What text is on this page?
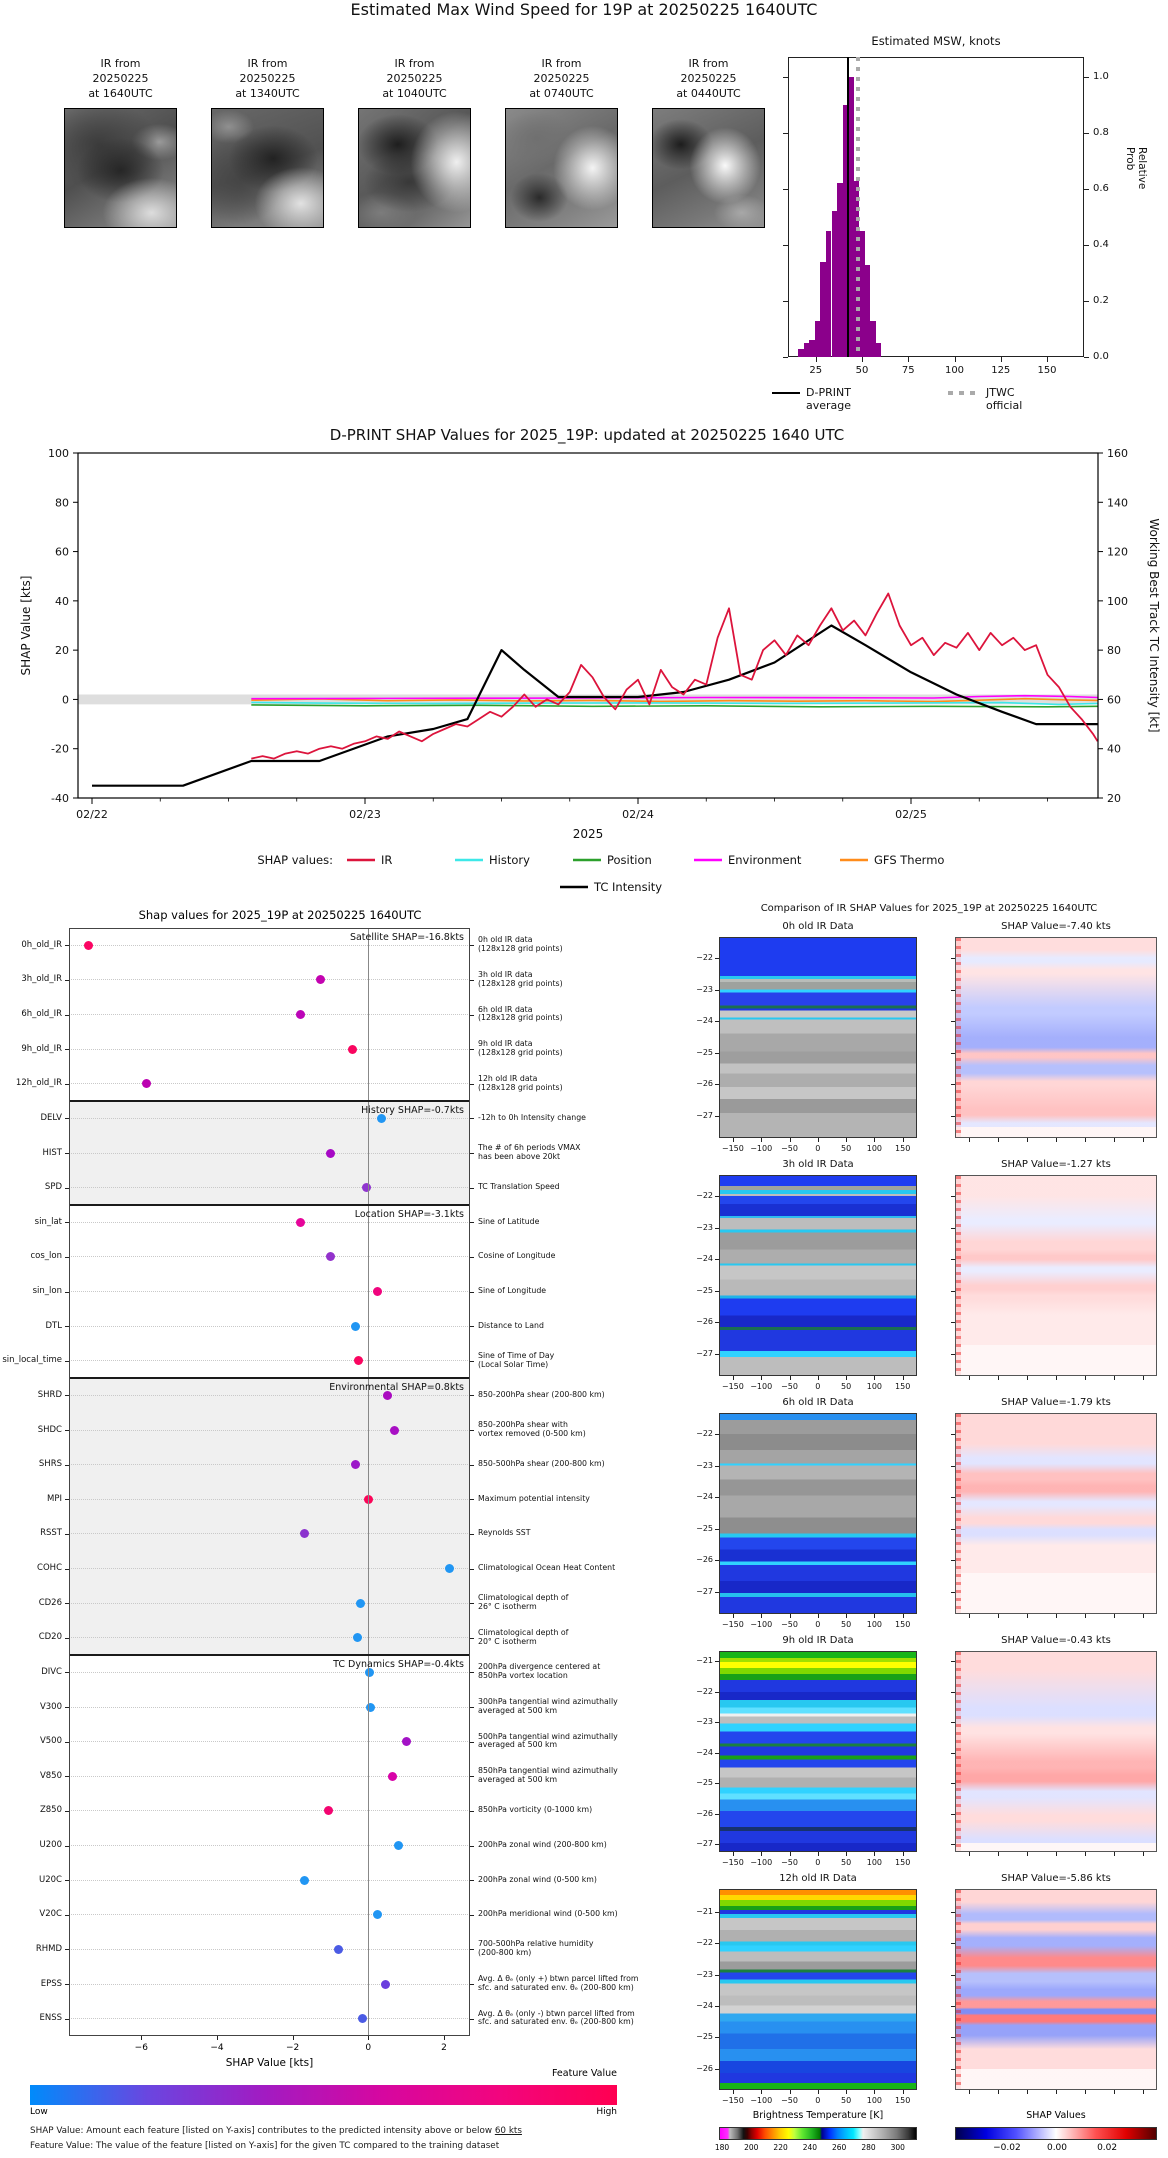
Estimated Max Wind Speed for 19P at 20250225 1640UTC
IR from
20250225
at 1640UTC
IR from
20250225
at 1340UTC
IR from
20250225
at 1040UTC
IR from
20250225
at 0740UTC
IR from
20250225
at 0440UTC
Estimated MSW, knots
0.0
0.2
0.4
0.6
0.8
1.0
25	50	75	100	125	150
Relative Prob
D-PRINT average
JTWC official
D-PRINT SHAP Values for 2025_19P: updated at 20250225 1640 UTC
-40
-20
0
20
40
60
80
100
20
40
60
80
100
120
140
160
02/22	02/23	02/24	02/25
2025
SHAP Value [kts]	Working Best Track TC Intensity [kt]
SHAP values:	IR	History	Position	Environment	GFS Thermo
TC Intensity
Shap values for 2025_19P at 20250225 1640UTC
0h_old_IR	0h old IR data
(128x128 grid points)
3h_old_IR	3h old IR data
(128x128 grid points)
6h_old_IR	6h old IR data
(128x128 grid points)
9h_old_IR	9h old IR data
(128x128 grid points)
12h_old_IR	12h old IR data
(128x128 grid points)
DELV	-12h to 0h Intensity change
HIST	The # of 6h periods VMAX
has been above 20kt
SPD	TC Translation Speed
sin_lat	Sine of Latitude
cos_lon	Cosine of Longitude
sin_lon	Sine of Longitude
DTL	Distance to Land
sin_local_time	Sine of Time of Day
(Local Solar Time)
SHRD	850-200hPa shear (200-800 km)
SHDC	850-200hPa shear with
vortex removed (0-500 km)
SHRS	850-500hPa shear (200-800 km)
MPI	Maximum potential intensity
RSST	Reynolds SST
COHC	Climatological Ocean Heat Content
CD26	Climatological depth of
26° C isotherm
CD20	Climatological depth of
20° C isotherm
DIVC	200hPa divergence centered at
850hPa vortex location
V300	300hPa tangential wind azimuthally
averaged at 500 km
V500	500hPa tangential wind azimuthally
averaged at 500 km
V850	850hPa tangential wind azimuthally
averaged at 500 km
Z850	850hPa vorticity (0-1000 km)
U200	200hPa zonal wind (200-800 km)
U20C	200hPa zonal wind (0-500 km)
V20C	200hPa meridional wind (0-500 km)
RHMD	700-500hPa relative humidity
(200-800 km)
EPSS	Avg. Δ θₑ (only +) btwn parcel lifted from
sfc. and saturated env. θₑ (200-800 km)
ENSS	Avg. Δ θₑ (only -) btwn parcel lifted from
sfc. and saturated env. θₑ (200-800 km)
Satellite SHAP=-16.8kts
History SHAP=-0.7kts
Location SHAP=-3.1kts
Environmental SHAP=0.8kts
TC Dynamics SHAP=-0.4kts
−6	−4	−2	0	2
SHAP Value [kts]
Feature Value
Low	High
Comparison of IR SHAP Values for 2025_19P at 20250225 1640UTC
0h old IR Data	SHAP Value=-7.40 kts
−22
−23
−24
−25
−26
−27
−150 −100	−50	0	50	100	150
3h old IR Data	SHAP Value=-1.27 kts
−22
−23
−24
−25
−26
−27
−150 −100	−50	0	50	100	150
6h old IR Data	SHAP Value=-1.79 kts
−22
−23
−24
−25
−26
−27
−150 −100	−50	0	50	100	150
9h old IR Data	SHAP Value=-0.43 kts
−21
−22
−23
−24
−25
−26
−27
−150 −100	−50	0	50	100	150
12h old IR Data	SHAP Value=-5.86 kts
−21
−22
−23
−24
−25
−26
−150 −100	−50	0	50	100	150
Brightness Temperature [K]
180	200	220	240	260	280	300
SHAP Values
−0.02	0.00	0.02
SHAP Value: Amount each feature [listed on Y-axis] contributes to the predicted intensity above or below 60 kts
Feature Value: The value of the feature [listed on Y-axis] for the given TC compared to the training dataset
